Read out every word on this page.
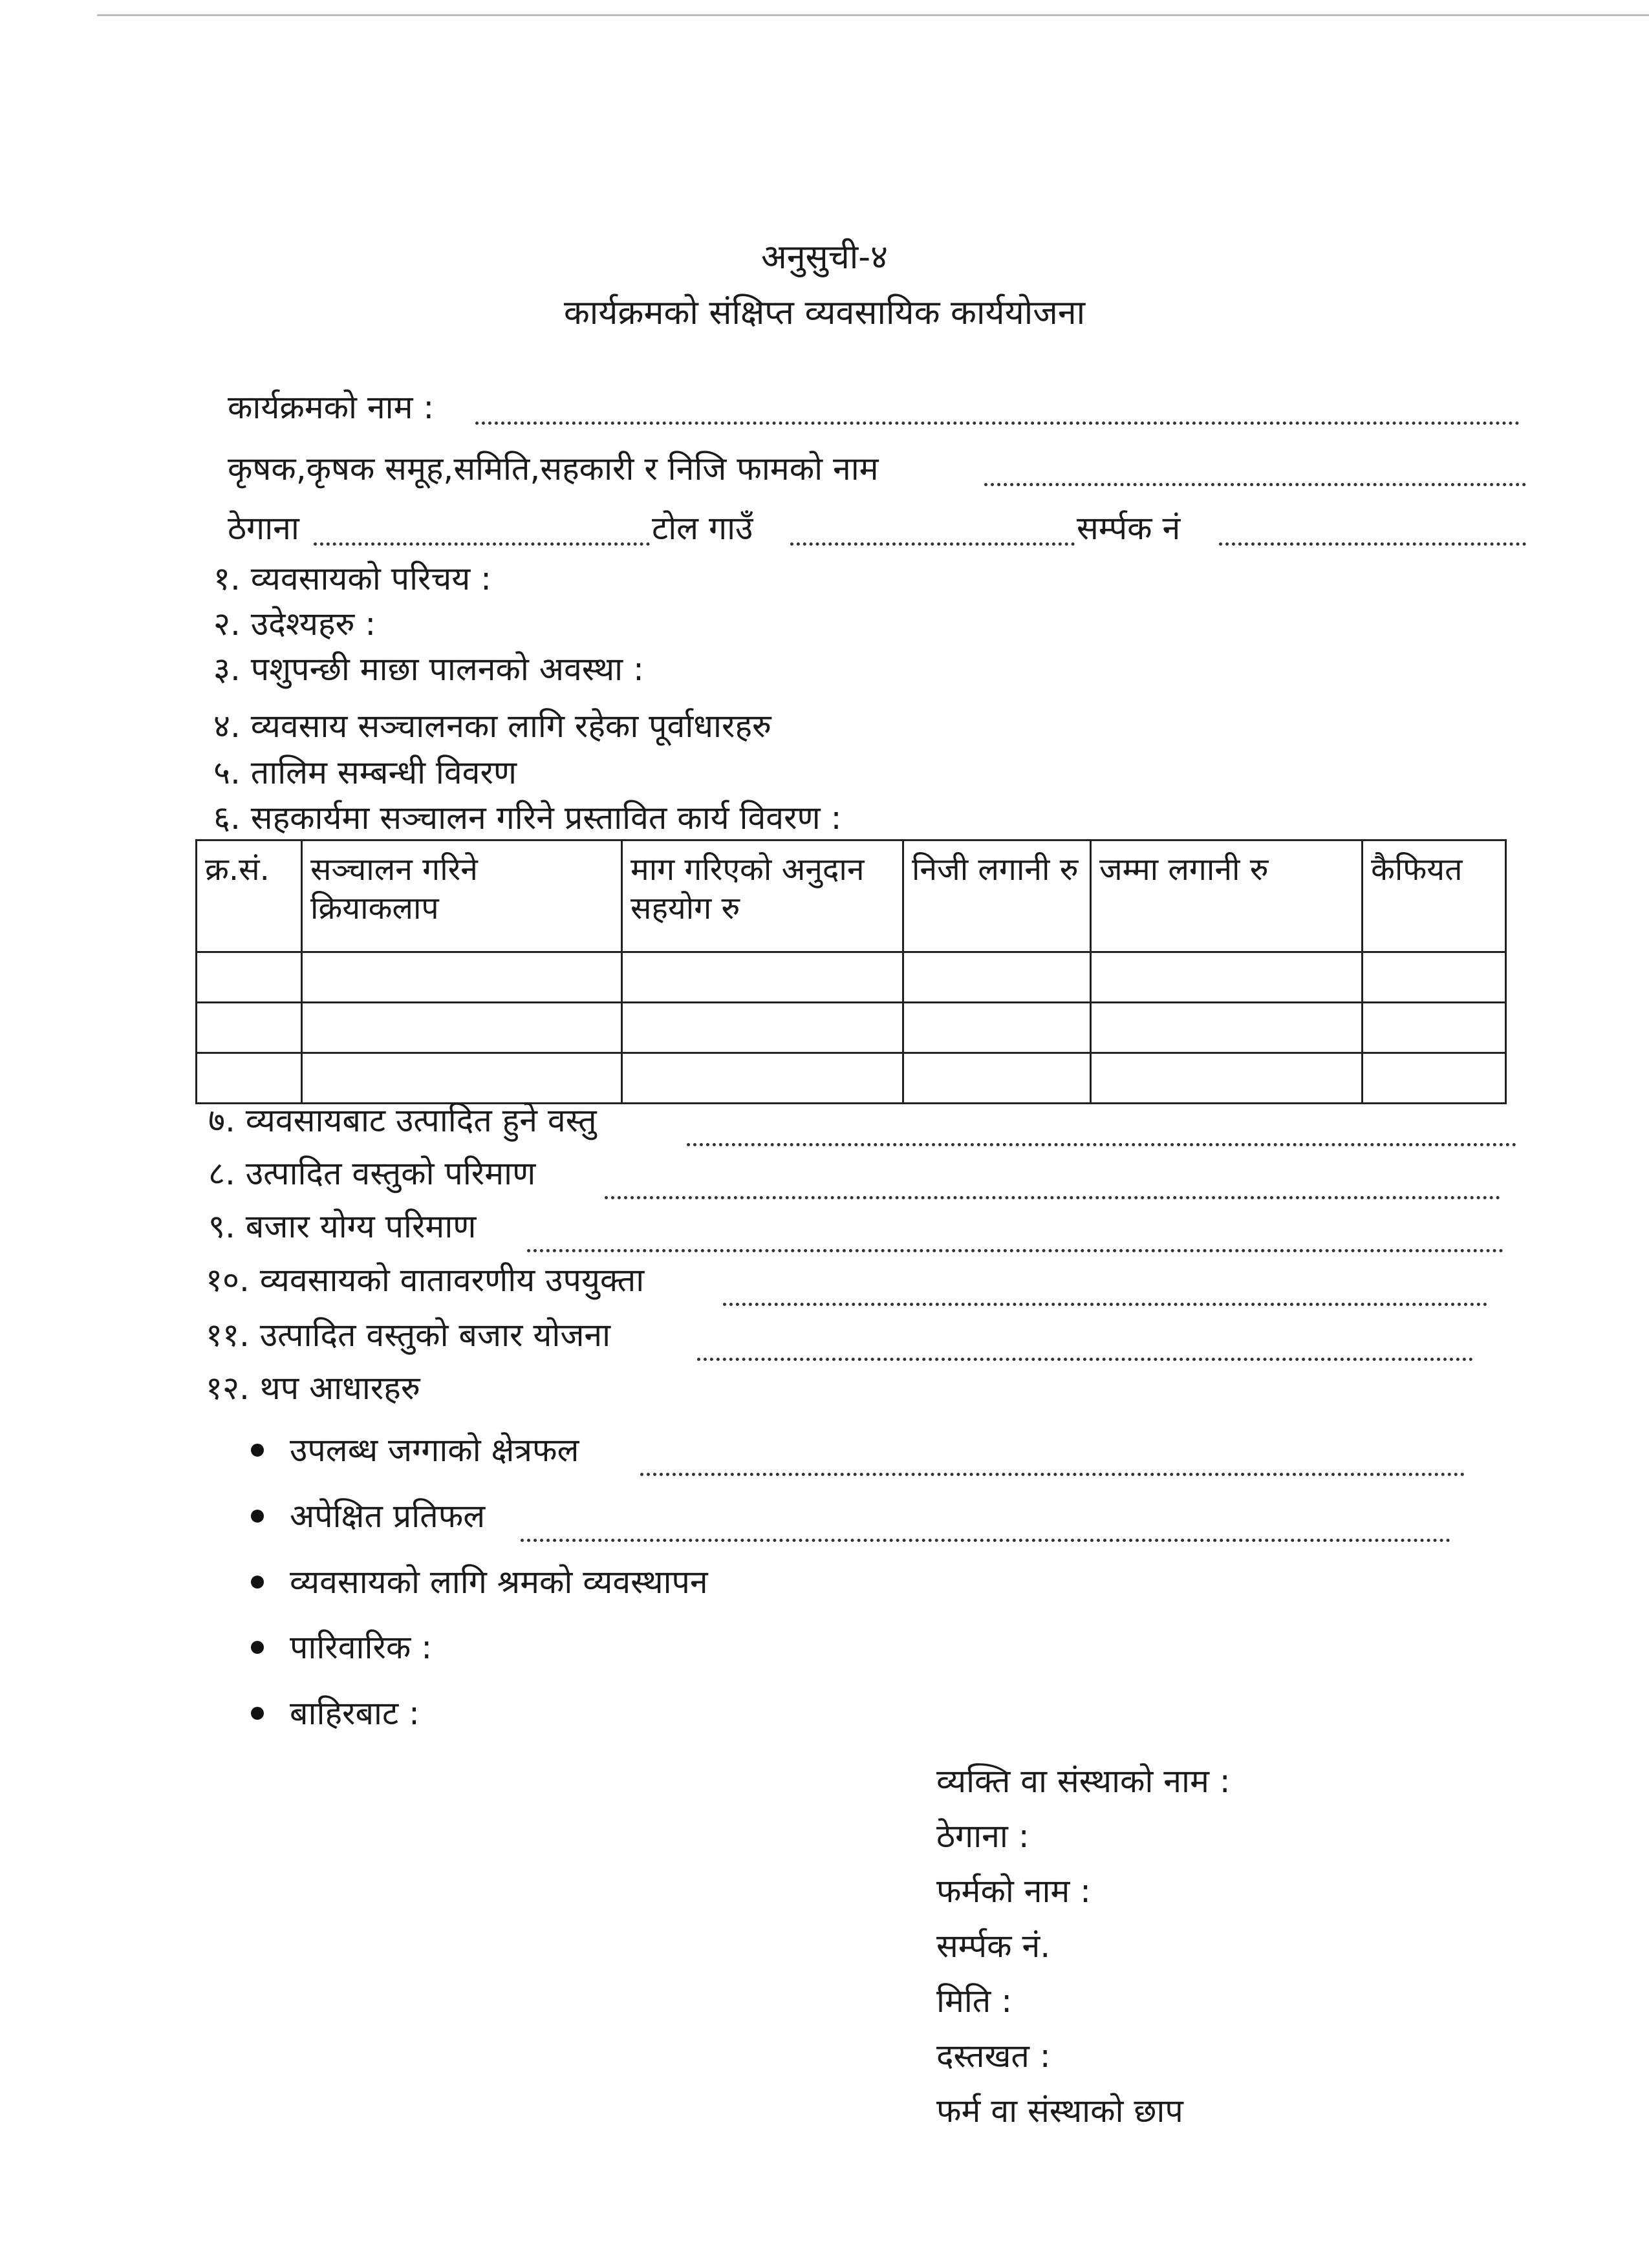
अनुसुची-४
कार्यक्रमको संक्षिप्त व्यवसायिक कार्ययोजना
कार्यक्रमको नाम :
कृषक,कृषक समूह,समिति,सहकारी र निजि फामको नाम
ठेगाना	टोल गाउँ	सर्म्पक नं
१. व्यवसायको परिचय :
२. उदेश्यहरु :
३. पशुपन्छी माछा पालनको अवस्था :
४. व्यवसाय सञ्चालनका लागि रहेका पूर्वाधारहरु
५. तालिम सम्बन्धी विवरण
६. सहकार्यमा सञ्चालन गरिने प्रस्तावित कार्य विवरण :
क्र.सं.	सञ्चालन गरिने क्रियाकलाप	माग गरिएको अनुदान सहयोग रु	निजी लगानी रु	जम्मा लगानी रु	कैफियत

७. व्यवसायबाट उत्पादित हुने वस्तु
८. उत्पादित वस्तुको परिमाण
९. बजार योग्य परिमाण
१०. व्यवसायको वातावरणीय उपयुक्ता
११. उत्पादित वस्तुको बजार योजना
१२. थप आधारहरु
उपलब्ध जग्गाको क्षेत्रफल
अपेक्षित प्रतिफल
व्यवसायको लागि श्रमको व्यवस्थापन
पारिवारिक :
बाहिरबाट :
व्यक्ति वा संस्थाको नाम :
ठेगाना :
फर्मको नाम :
सर्म्पक नं.
मिति :
दस्तखत :
फर्म वा संस्थाको छाप
